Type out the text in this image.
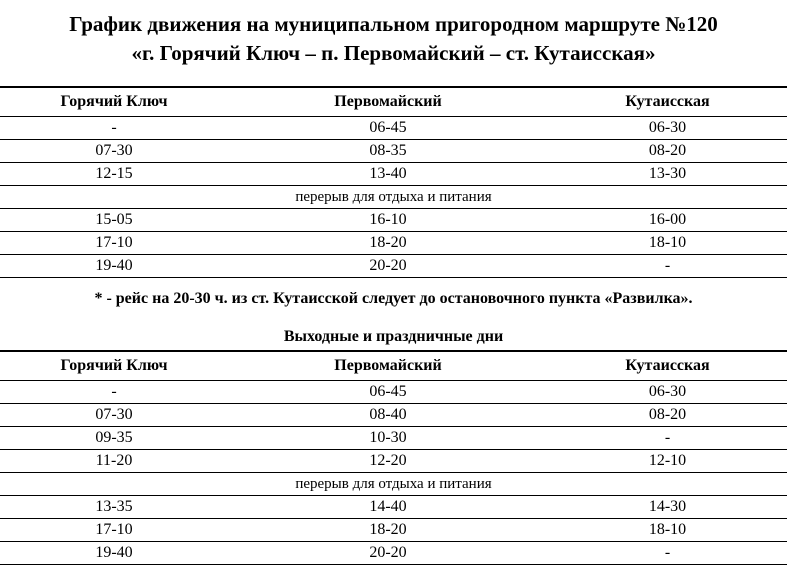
График движения на муниципальном пригородном маршруте №120
«г. Горячий Ключ – п. Первомайский – ст. Кутаисская»
Горячий Ключ	Первомайский	Кутаисская
-	06-45	06-30
07-30	08-35	08-20
12-15	13-40	13-30
перерыв для отдыха и питания		
15-05	16-10	16-00
17-10	18-20	18-10
19-40	20-20	-
* - рейс на 20-30 ч. из ст. Кутаисской следует до остановочного пункта «Развилка».
Выходные и праздничные дни
Горячий Ключ	Первомайский	Кутаисская
-	06-45	06-30
07-30	08-40	08-20
09-35	10-30	-
11-20	12-20	12-10
перерыв для отдыха и питания		
13-35	14-40	14-30
17-10	18-20	18-10
19-40	20-20	-
